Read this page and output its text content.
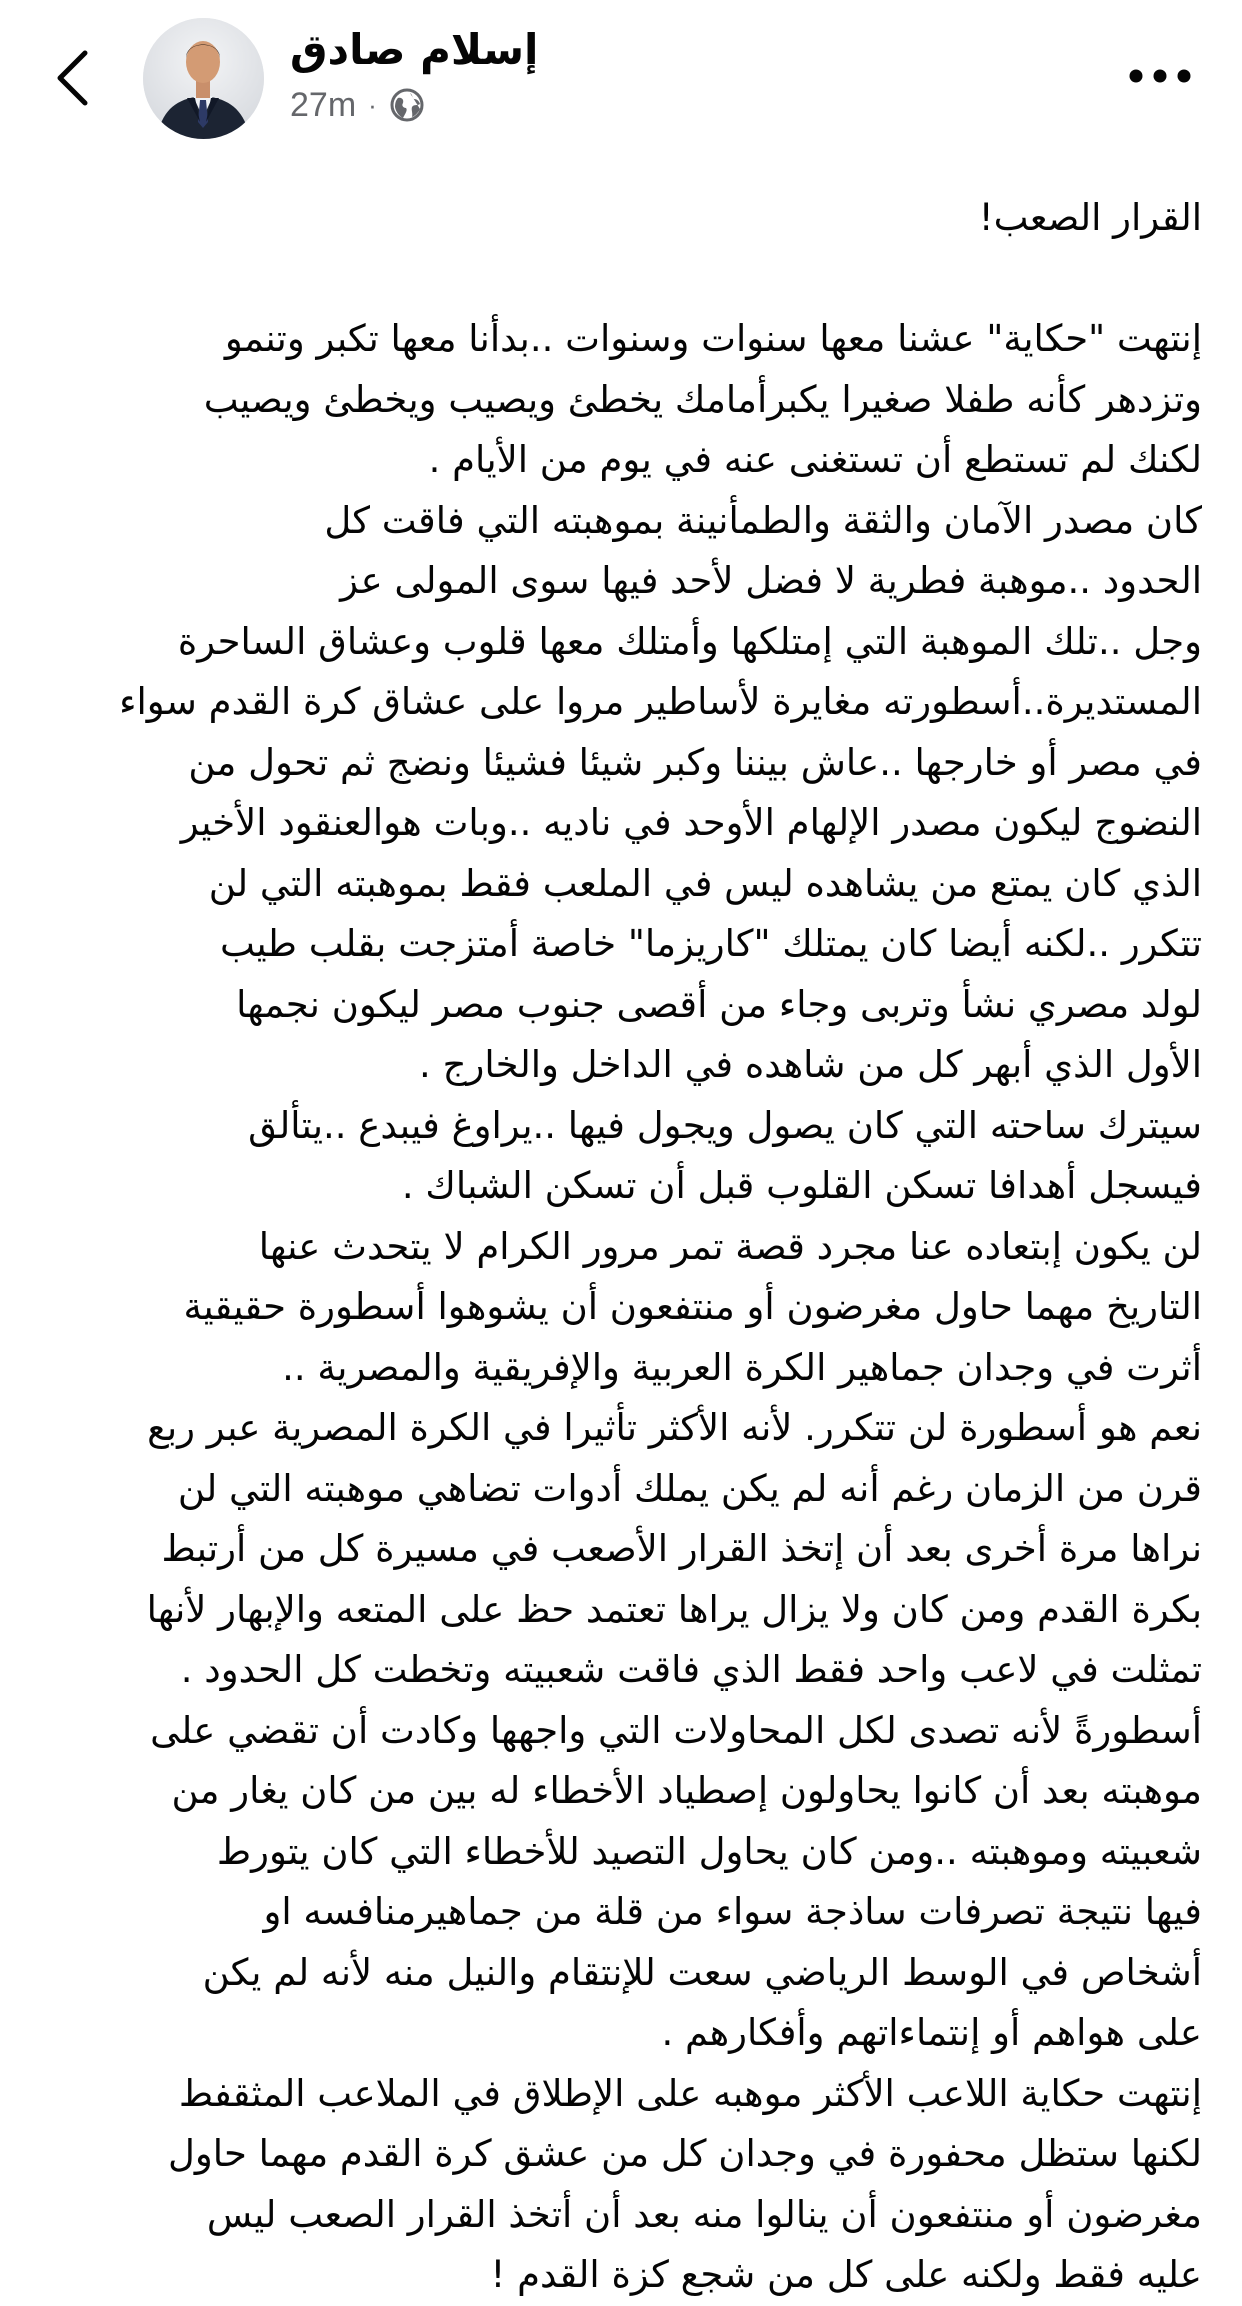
إسلام صادق
27m ·
القرار الصعب!
إنتهت "حكاية" عشنا معها سنوات وسنوات ..بدأنا معها تكبر وتنمو
وتزدهر كأنه طفلا صغيرا يكبرأمامك يخطئ ويصيب ويخطئ ويصيب
لكنك لم تستطع أن تستغنى عنه في يوم من الأيام .
كان مصدر الآمان والثقة والطمأنينة بموهبته التي فاقت كل
الحدود ..موهبة فطرية لا فضل لأحد فيها سوى المولى عز
وجل ..تلك الموهبة التي إمتلكها وأمتلك معها قلوب وعشاق الساحرة
المستديرة..أسطورته مغايرة لأساطير مروا على عشاق كرة القدم سواء
في مصر أو خارجها ..عاش بيننا وكبر شيئا فشيئا ونضج ثم تحول من
النضوج ليكون مصدر الإلهام الأوحد في ناديه ..وبات هوالعنقود الأخير
الذي كان يمتع من يشاهده ليس في الملعب فقط بموهبته التي لن
تتكرر ..لكنه أيضا كان يمتلك "كاريزما" خاصة أمتزجت بقلب طيب
لولد مصري نشأ وتربى وجاء من أقصى جنوب مصر ليكون نجمها
الأول الذي أبهر كل من شاهده في الداخل والخارج .
سيترك ساحته التي كان يصول ويجول فيها ..يراوغ فيبدع ..يتألق
فيسجل أهدافا تسكن القلوب قبل أن تسكن الشباك .
لن يكون إبتعاده عنا مجرد قصة تمر مرور الكرام لا يتحدث عنها
التاريخ مهما حاول مغرضون أو منتفعون أن يشوهوا أسطورة حقيقية
أثرت في وجدان جماهير الكرة العربية والإفريقية والمصرية ..
نعم هو أسطورة لن تتكرر. لأنه الأكثر تأثيرا في الكرة المصرية عبر ربع
قرن من الزمان رغم أنه لم يكن يملك أدوات تضاهي موهبته التي لن
نراها مرة أخرى بعد أن إتخذ القرار الأصعب في مسيرة كل من أرتبط
بكرة القدم ومن كان ولا يزال يراها تعتمد حظ على المتعه والإبهار لأنها
تمثلت في لاعب واحد فقط الذي فاقت شعبيته وتخطت كل الحدود .
أسطورةً لأنه تصدى لكل المحاولات التي واجهها وكادت أن تقضي على
موهبته بعد أن كانوا يحاولون إصطياد الأخطاء له بين من كان يغار من
شعبيته وموهبته ..ومن كان يحاول التصيد للأخطاء التي كان يتورط
فيها نتيجة تصرفات ساذجة سواء من قلة من جماهيرمنافسه او
أشخاص في الوسط الرياضي سعت للإنتقام والنيل منه لأنه لم يكن
على هواهم أو إنتماءاتهم وأفكارهم .
إنتهت حكاية اللاعب الأكثر موهبه على الإطلاق في الملاعب المثقفط
لكنها ستظل محفورة في وجدان كل من عشق كرة القدم مهما حاول
مغرضون أو منتفعون أن ينالوا منه بعد أن أتخذ القرار الصعب ليس
عليه فقط ولكنه على كل من شجع كزة القدم !
